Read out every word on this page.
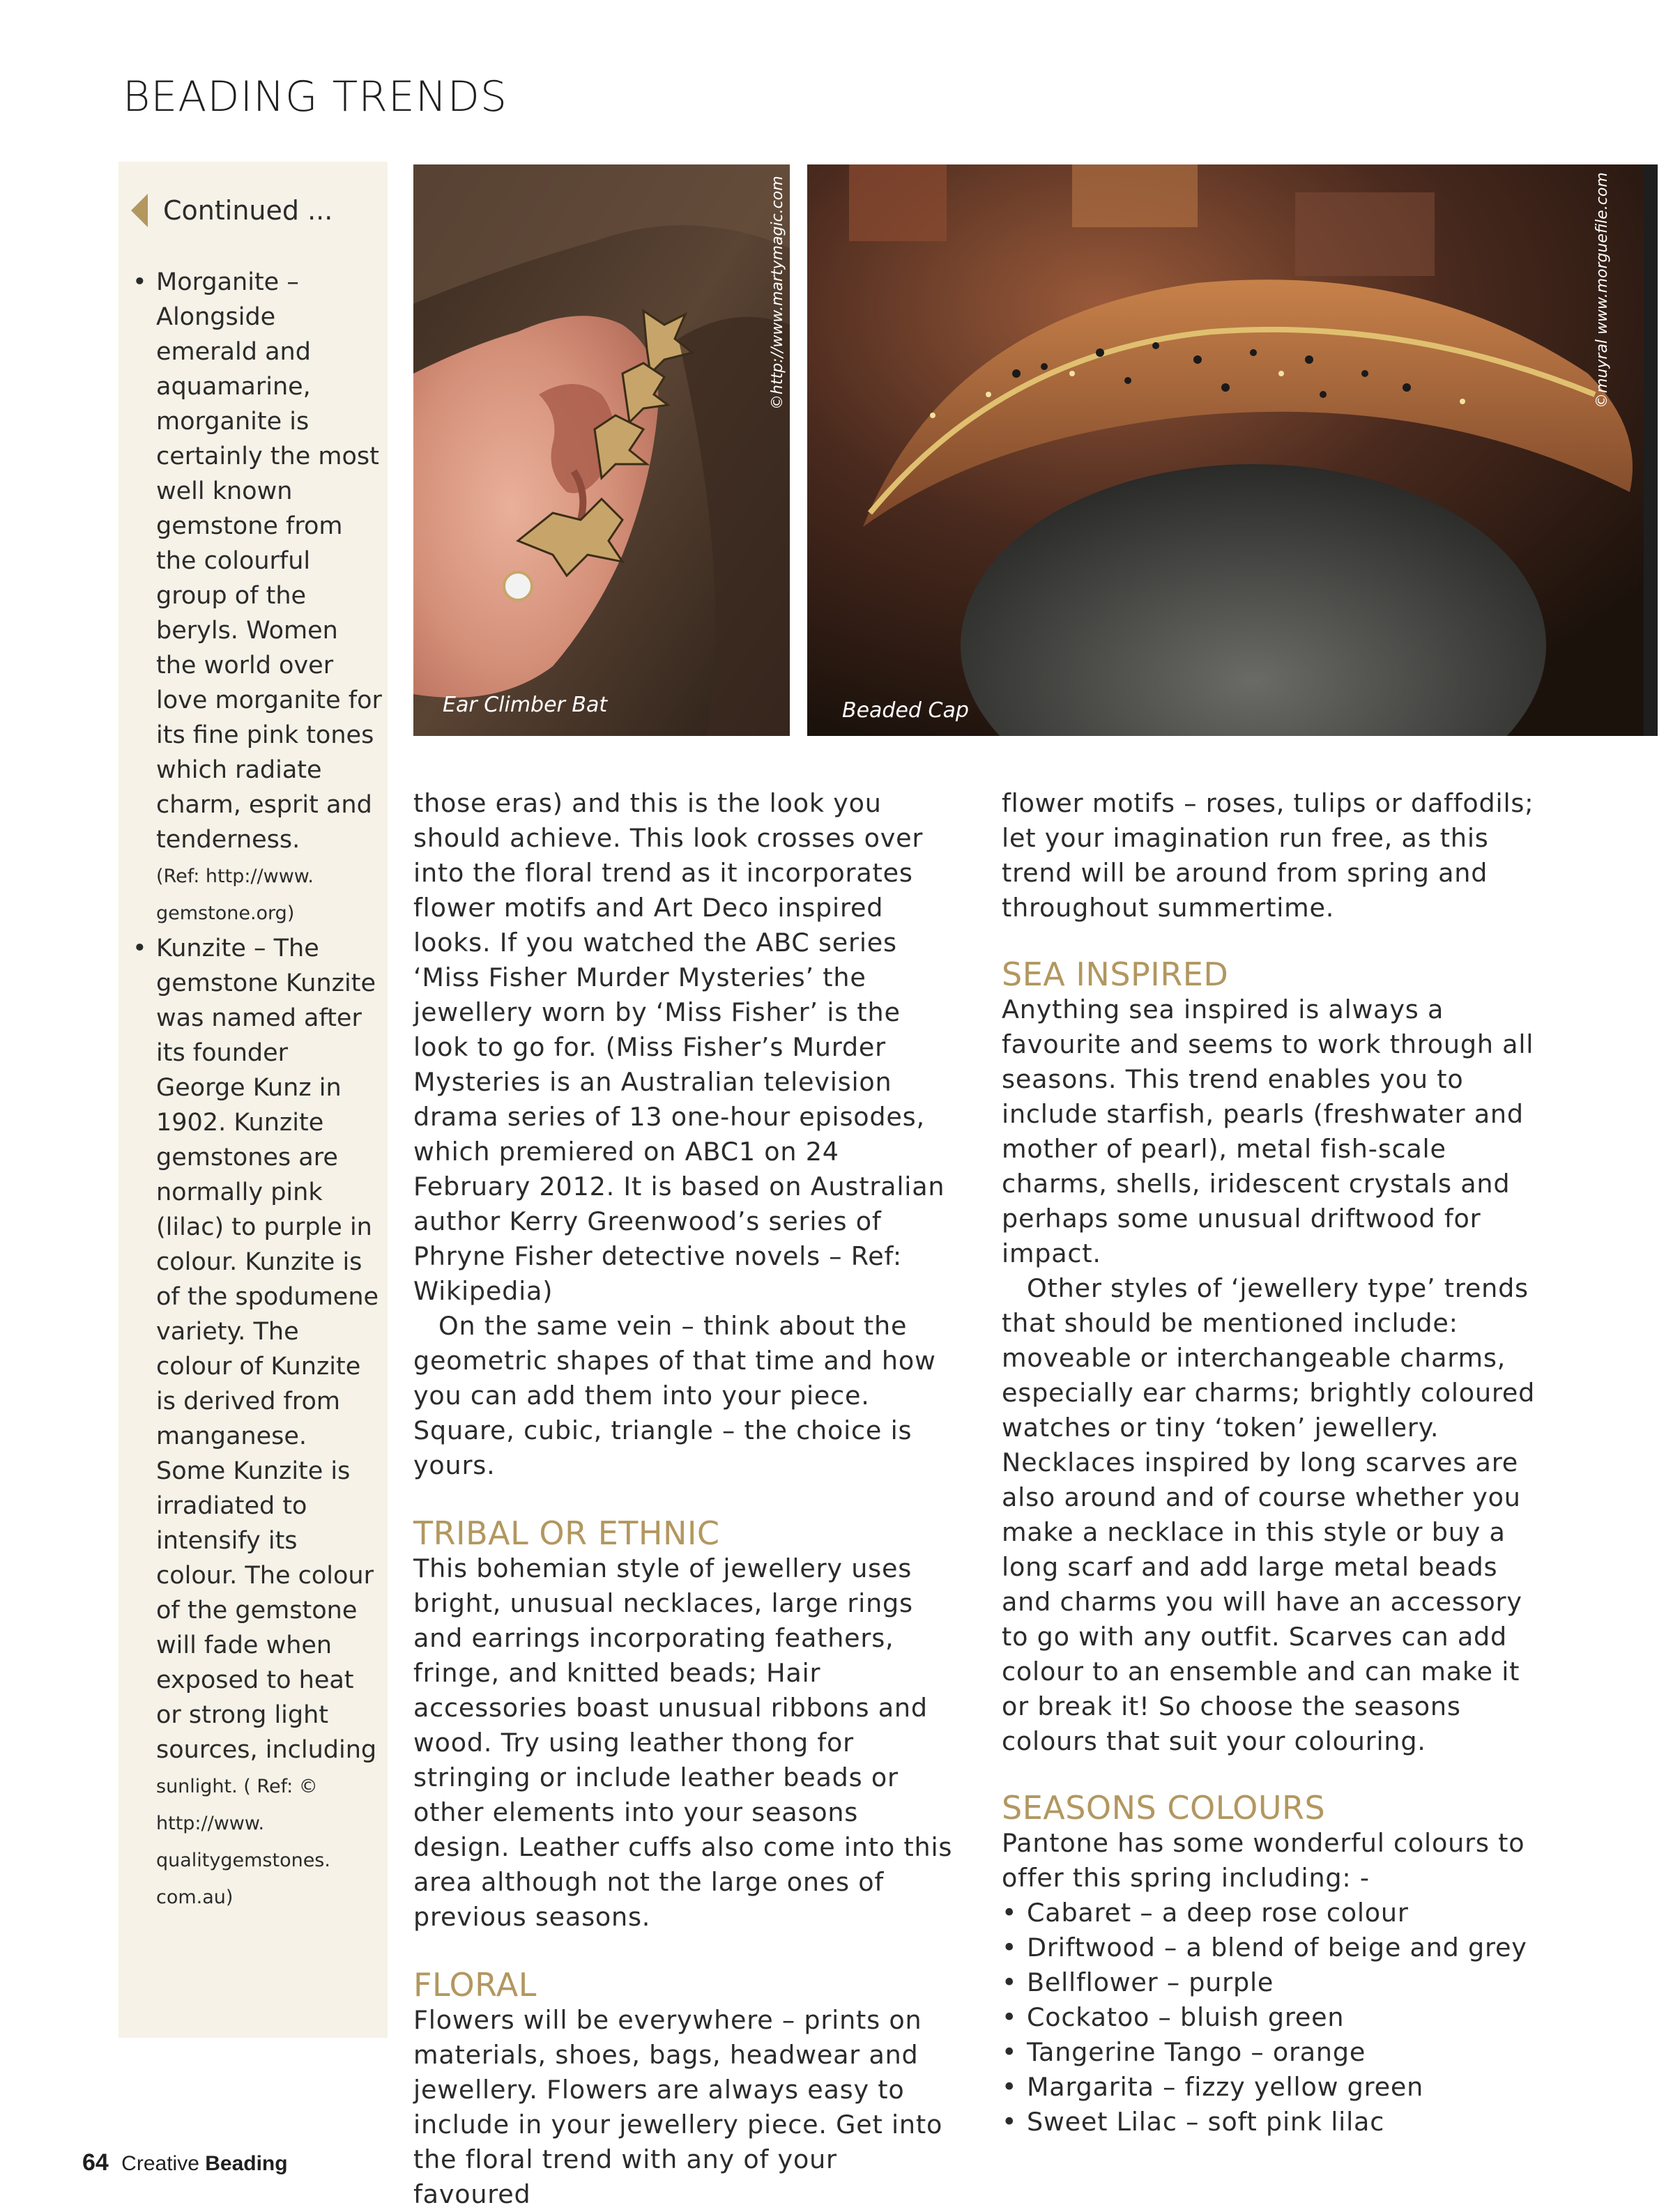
BEADING TRENDS
Continued ...
• Morganite – Alongside emerald and aquamarine, morganite is certainly the most well known gemstone from the colourful group of the beryls. Women the world over love morganite for its fine pink tones which radiate charm, esprit and tenderness.
(Ref: http://www. gemstone.org)
• Kunzite – The gemstone Kunzite was named after its founder George Kunz in 1902. Kunzite gemstones are normally pink (lilac) to purple in colour. Kunzite is of the spodumene variety. The colour of Kunzite is derived from manganese. Some Kunzite is irradiated to intensify its colour. The colour of the gemstone will fade when exposed to heat or strong light sources, including sunlight. ( Ref: © http://www. qualitygemstones. com.au)
Ear Climber Bat
©http://www.martymagic.com
Beaded Cap
©muyral www.morguefile.com

those eras) and this is the look you should achieve. This look crosses over into the floral trend as it incorporates flower motifs and Art Deco inspired looks. If you watched the ABC series ‘Miss Fisher Murder Mysteries’ the jewellery worn by ‘Miss Fisher’ is the look to go for. (Miss Fisher’s Murder Mysteries is an Australian television drama series of 13 one-hour episodes, which premiered on ABC1 on 24 February 2012. It is based on Australian author Kerry Greenwood’s series of Phryne Fisher detective novels – Ref: Wikipedia)

On the same vein – think about the geometric shapes of that time and how you can add them into your piece. Square, cubic, triangle – the choice is yours.

TRIBAL OR ETHNIC

This bohemian style of jewellery uses bright, unusual necklaces, large rings and earrings incorporating feathers, fringe, and knitted beads; Hair accessories boast unusual ribbons and wood. Try using leather thong for stringing or include leather beads or other elements into your seasons design. Leather cuffs also come into this area although not the large ones of previous seasons.

FLORAL

Flowers will be everywhere – prints on materials, shoes, bags, headwear and jewellery. Flowers are always easy to include in your jewellery piece. Get into the floral trend with any of your favoured

flower motifs – roses, tulips or daffodils; let your imagination run free, as this trend will be around from spring and throughout summertime.

SEA INSPIRED

Anything sea inspired is always a favourite and seems to work through all seasons. This trend enables you to include starfish, pearls (freshwater and mother of pearl), metal fish-scale charms, shells, iridescent crystals and perhaps some unusual driftwood for impact.

Other styles of ‘jewellery type’ trends that should be mentioned include: moveable or interchangeable charms, especially ear charms; brightly coloured watches or tiny ‘token’ jewellery. Necklaces inspired by long scarves are also around and of course whether you make a necklace in this style or buy a long scarf and add large metal beads and charms you will have an accessory to go with any outfit. Scarves can add colour to an ensemble and can make it or break it! So choose the seasons colours that suit your colouring.

SEASONS COLOURS

Pantone has some wonderful colours to offer this spring including: -

• Cabaret – a deep rose colour
• Driftwood – a blend of beige and grey
• Bellflower – purple
• Cockatoo – bluish green
• Tangerine Tango – orange
• Margarita – fizzy yellow green
• Sweet Lilac – soft pink lilac
64 Creative Beading
